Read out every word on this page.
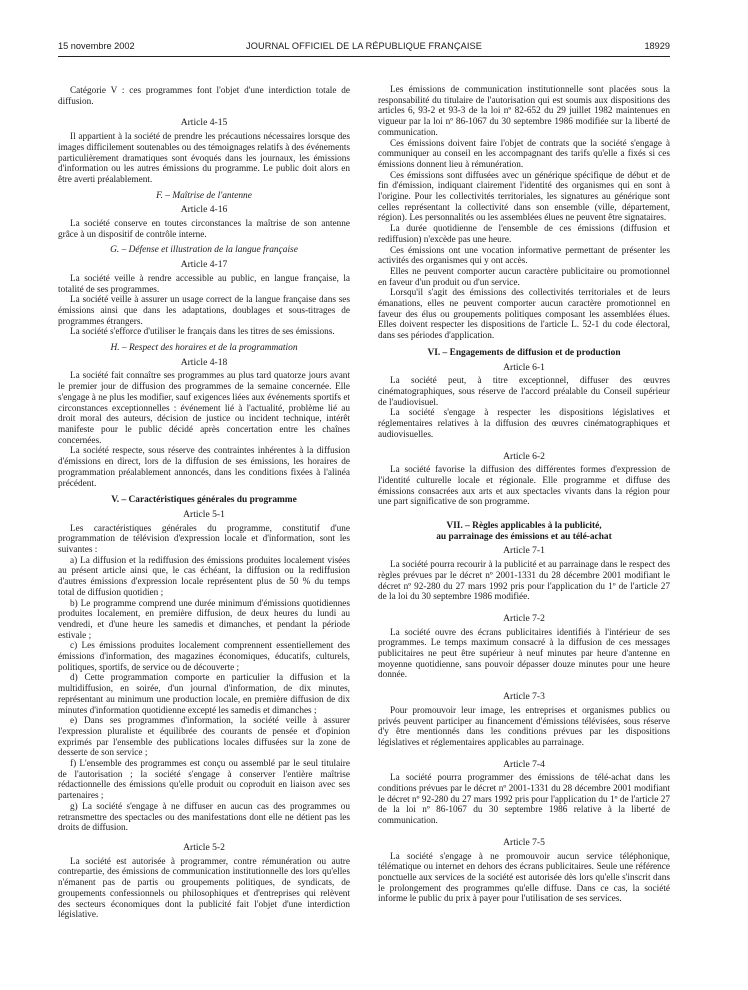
15 novembre 2002	JOURNAL OFFICIEL DE LA RÉPUBLIQUE FRANÇAISE	18929

Catégorie V : ces programmes font l'objet d'une interdiction totale de diffusion.

Article 4-15

Il appartient à la société de prendre les précautions nécessaires lorsque des images difficilement soutenables ou des témoignages relatifs à des événements particulièrement dramatiques sont évoqués dans les journaux, les émissions d'information ou les autres émissions du programme. Le public doit alors en être averti préalablement.

F. – Maîtrise de l'antenne
Article 4-16

La société conserve en toutes circonstances la maîtrise de son antenne grâce à un dispositif de contrôle interne.

G. – Défense et illustration de la langue française
Article 4-17

La société veille à rendre accessible au public, en langue française, la totalité de ses programmes.

La société veille à assurer un usage correct de la langue française dans ses émissions ainsi que dans les adaptations, doublages et sous-titrages de programmes étrangers.

La société s'efforce d'utiliser le français dans les titres de ses émissions.

H. – Respect des horaires et de la programmation
Article 4-18

La société fait connaître ses programmes au plus tard quatorze jours avant le premier jour de diffusion des programmes de la semaine concernée. Elle s'engage à ne plus les modifier, sauf exigences liées aux événements sportifs et circonstances exceptionnelles : événement lié à l'actualité, problème lié au droit moral des auteurs, décision de justice ou incident technique, intérêt manifeste pour le public décidé après concertation entre les chaînes concernées.

La société respecte, sous réserve des contraintes inhérentes à la diffusion d'émissions en direct, lors de la diffusion de ses émissions, les horaires de programmation préalablement annoncés, dans les conditions fixées à l'alinéa précédent.

V. – Caractéristiques générales du programme
Article 5-1

Les caractéristiques générales du programme, constitutif d'une programmation de télévision d'expression locale et d'information, sont les suivantes :

a) La diffusion et la rediffusion des émissions produites localement visées au présent article ainsi que, le cas échéant, la diffusion ou la rediffusion d'autres émissions d'expression locale représentent plus de 50 % du temps total de diffusion quotidien ;

b) Le programme comprend une durée minimum d'émissions quotidiennes produites localement, en première diffusion, de deux heures du lundi au vendredi, et d'une heure les samedis et dimanches, et pendant la période estivale ;

c) Les émissions produites localement comprennent essentiellement des émissions d'information, des magazines économiques, éducatifs, culturels, politiques, sportifs, de service ou de découverte ;

d) Cette programmation comporte en particulier la diffusion et la multidiffusion, en soirée, d'un journal d'information, de dix minutes, représentant au minimum une production locale, en première diffusion de dix minutes d'information quotidienne excepté les samedis et dimanches ;

e) Dans ses programmes d'information, la société veille à assurer l'expression pluraliste et équilibrée des courants de pensée et d'opinion exprimés par l'ensemble des publications locales diffusées sur la zone de desserte de son service ;

f) L'ensemble des programmes est conçu ou assemblé par le seul titulaire de l'autorisation ; la société s'engage à conserver l'entière maîtrise rédactionnelle des émissions qu'elle produit ou coproduit en liaison avec ses partenaires ;

g) La société s'engage à ne diffuser en aucun cas des programmes ou retransmettre des spectacles ou des manifestations dont elle ne détient pas les droits de diffusion.

Article 5-2

La société est autorisée à programmer, contre rémunération ou autre contrepartie, des émissions de communication institutionnelle des lors qu'elles n'émanent pas de partis ou groupements politiques, de syndicats, de groupements confessionnels ou philosophiques et d'entreprises qui relèvent des secteurs économiques dont la publicité fait l'objet d'une interdiction législative.

Les émissions de communication institutionnelle sont placées sous la responsabilité du titulaire de l'autorisation qui est soumis aux dispositions des articles 6, 93-2 et 93-3 de la loi nº 82-652 du 29 juillet 1982 maintenues en vigueur par la loi nº 86-1067 du 30 septembre 1986 modifiée sur la liberté de communication.

Ces émissions doivent faire l'objet de contrats que la société s'engage à communiquer au conseil en les accompagnant des tarifs qu'elle a fixés si ces émissions donnent lieu à rémunération.

Ces émissions sont diffusées avec un générique spécifique de début et de fin d'émission, indiquant clairement l'identité des organismes qui en sont à l'origine. Pour les collectivités territoriales, les signatures au générique sont celles représentant la collectivité dans son ensemble (ville, département, région). Les personnalités ou les assemblées élues ne peuvent être signataires.

La durée quotidienne de l'ensemble de ces émissions (diffusion et rediffusion) n'excède pas une heure.

Ces émissions ont une vocation informative permettant de présenter les activités des organismes qui y ont accès.

Elles ne peuvent comporter aucun caractère publicitaire ou promotionnel en faveur d'un produit ou d'un service.

Lorsqu'il s'agit des émissions des collectivités territoriales et de leurs émanations, elles ne peuvent comporter aucun caractère promotionnel en faveur des élus ou groupements politiques composant les assemblées élues. Elles doivent respecter les dispositions de l'article L. 52-1 du code électoral, dans ses périodes d'application.

VI. – Engagements de diffusion et de production
Article 6-1

La société peut, à titre exceptionnel, diffuser des œuvres cinématographiques, sous réserve de l'accord préalable du Conseil supérieur de l'audiovisuel.

La société s'engage à respecter les dispositions législatives et réglementaires relatives à la diffusion des œuvres cinématographiques et audiovisuelles.

Article 6-2

La société favorise la diffusion des différentes formes d'expression de l'identité culturelle locale et régionale. Elle programme et diffuse des émissions consacrées aux arts et aux spectacles vivants dans la région pour une part significative de son programme.

VII. – Règles applicables à la publicité,
au parrainage des émissions et au télé-achat
Article 7-1

La société pourra recourir à la publicité et au parrainage dans le respect des règles prévues par le décret nº 2001-1331 du 28 décembre 2001 modifiant le décret nº 92-280 du 27 mars 1992 pris pour l'application du 1º de l'article 27 de la loi du 30 septembre 1986 modifiée.

Article 7-2

La société ouvre des écrans publicitaires identifiés à l'intérieur de ses programmes. Le temps maximum consacré à la diffusion de ces messages publicitaires ne peut être supérieur à neuf minutes par heure d'antenne en moyenne quotidienne, sans pouvoir dépasser douze minutes pour une heure donnée.

Article 7-3

Pour promouvoir leur image, les entreprises et organismes publics ou privés peuvent participer au financement d'émissions télévisées, sous réserve d'y être mentionnés dans les conditions prévues par les dispositions législatives et réglementaires applicables au parrainage.

Article 7-4

La société pourra programmer des émissions de télé-achat dans les conditions prévues par le décret nº 2001-1331 du 28 décembre 2001 modifiant le décret nº 92-280 du 27 mars 1992 pris pour l'application du 1º de l'article 27 de la loi nº 86-1067 du 30 septembre 1986 relative à la liberté de communication.

Article 7-5

La société s'engage à ne promouvoir aucun service téléphonique, télématique ou internet en dehors des écrans publicitaires. Seule une référence ponctuelle aux services de la société est autorisée dès lors qu'elle s'inscrit dans le prolongement des programmes qu'elle diffuse. Dans ce cas, la société informe le public du prix à payer pour l'utilisation de ses services.
